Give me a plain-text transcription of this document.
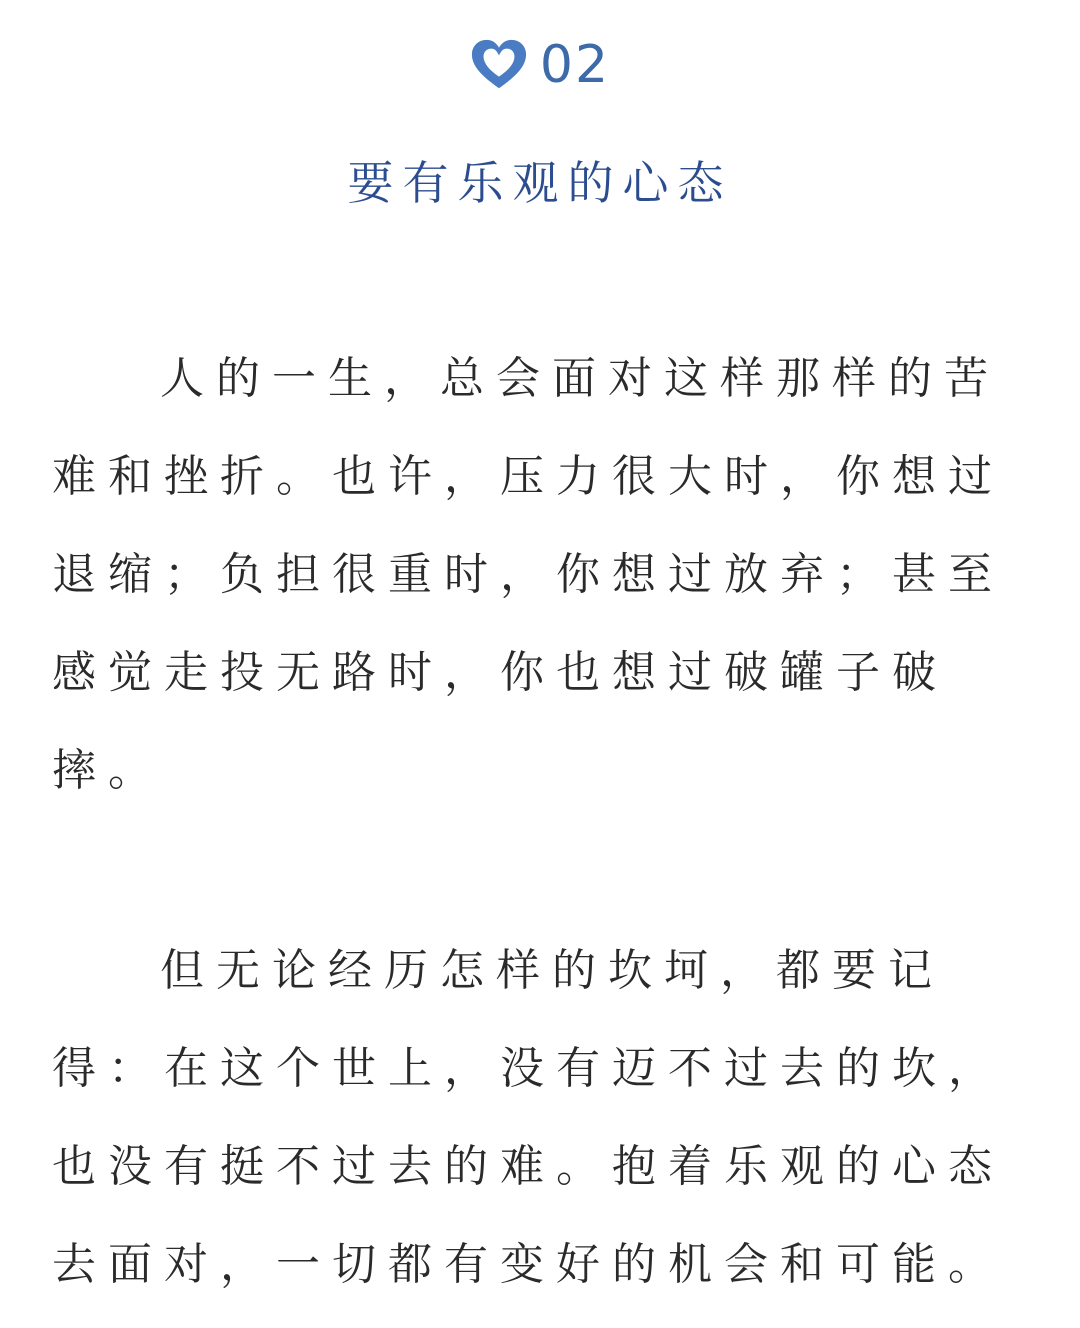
02
要有乐观的心态

人的一生，总会面对这样那样的苦难和挫折。也许，压力很大时，你想过退缩；负担很重时，你想过放弃；甚至感觉走投无路时，你也想过破罐子破摔。

但无论经历怎样的坎坷，都要记得：在这个世上，没有迈不过去的坎，也没有挺不过去的难。抱着乐观的心态去面对，一切都有变好的机会和可能。
